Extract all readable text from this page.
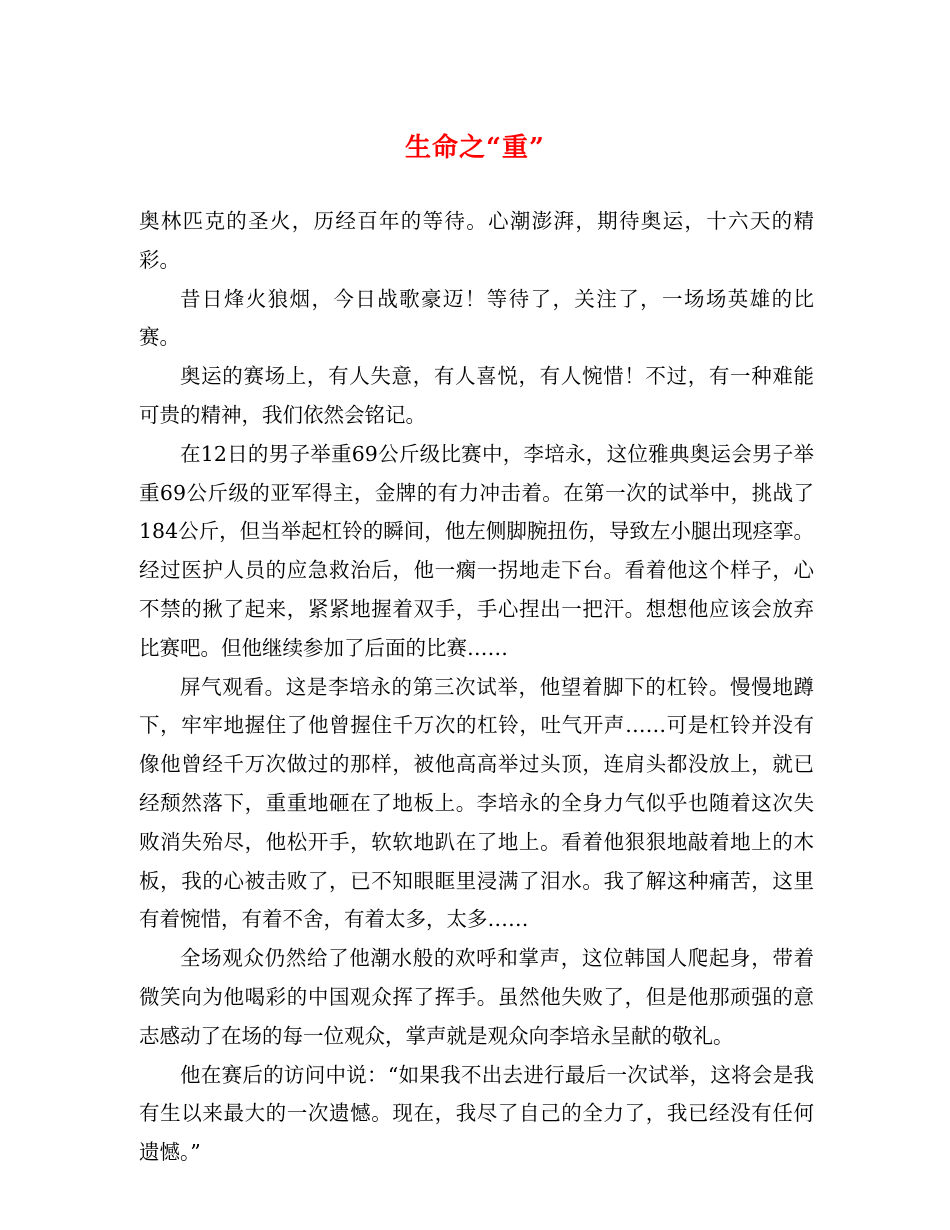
生命之“重”

奥林匹克的圣火，历经百年的等待。心潮澎湃，期待奥运，十六天的精彩。

昔日烽火狼烟，今日战歌豪迈！等待了，关注了，一场场英雄的比赛。

奥运的赛场上，有人失意，有人喜悦，有人惋惜！不过，有一种难能可贵的精神，我们依然会铭记。

在12日的男子举重69公斤级比赛中，李培永，这位雅典奥运会男子举重69公斤级的亚军得主，金牌的有力冲击着。在第一次的试举中，挑战了184公斤，但当举起杠铃的瞬间，他左侧脚腕扭伤，导致左小腿出现痉挛。经过医护人员的应急救治后，他一瘸一拐地走下台。看着他这个样子，心不禁的揪了起来，紧紧地握着双手，手心捏出一把汗。想想他应该会放弃比赛吧。但他继续参加了后面的比赛……

屏气观看。这是李培永的第三次试举，他望着脚下的杠铃。慢慢地蹲下，牢牢地握住了他曾握住千万次的杠铃，吐气开声……可是杠铃并没有像他曾经千万次做过的那样，被他高高举过头顶，连肩头都没放上，就已经颓然落下，重重地砸在了地板上。李培永的全身力气似乎也随着这次失败消失殆尽，他松开手，软软地趴在了地上。看着他狠狠地敲着地上的木板，我的心被击败了，已不知眼眶里浸满了泪水。我了解这种痛苦，这里有着惋惜，有着不舍，有着太多，太多……

全场观众仍然给了他潮水般的欢呼和掌声，这位韩国人爬起身，带着微笑向为他喝彩的中国观众挥了挥手。虽然他失败了，但是他那顽强的意志感动了在场的每一位观众，掌声就是观众向李培永呈献的敬礼。

他在赛后的访问中说：“如果我不出去进行最后一次试举，这将会是我有生以来最大的一次遗憾。现在，我尽了自己的全力了，我已经没有任何遗憾。”
